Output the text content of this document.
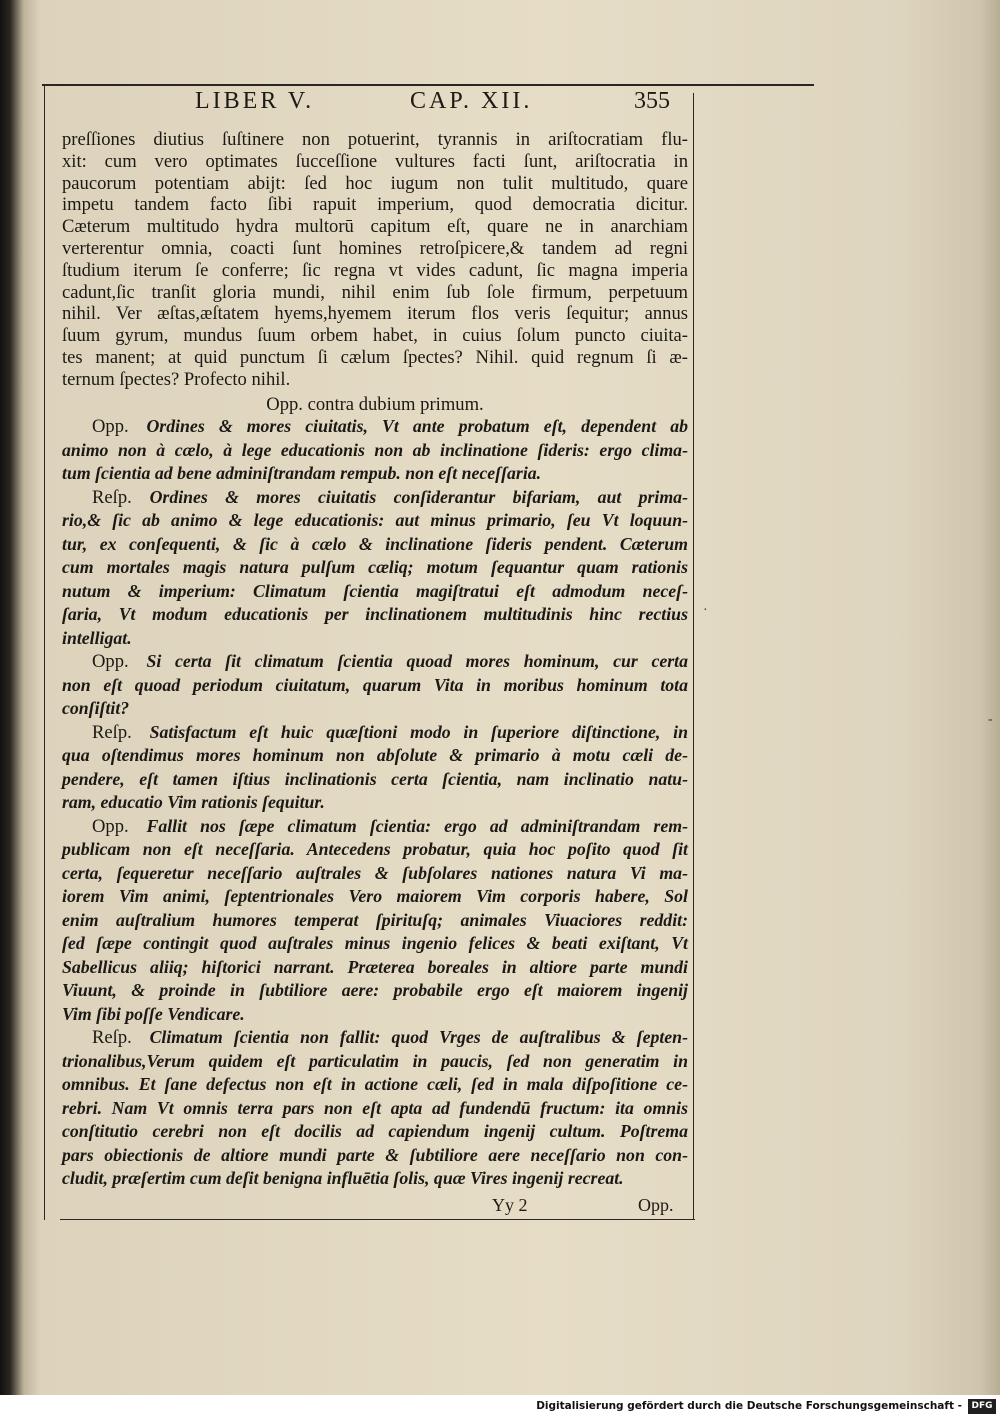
LIBER V.	CAP. XII.	355
preſſiones diutius ſuſtinere non potuerint, tyrannis in ariſtocratiam flu-
xit: cum vero optimates ſucceſſione vultures facti ſunt, ariſtocratia in
paucorum potentiam abijt: ſed hoc iugum non tulit multitudo, quare
impetu tandem facto ſibi rapuit imperium, quod democratia dicitur.
Cæterum multitudo hydra multorū capitum eſt, quare ne in anarchiam
verterentur omnia, coacti ſunt homines retroſpicere,& tandem ad regni
ſtudium iterum ſe conferre; ſic regna vt vides cadunt, ſic magna imperia
cadunt,ſic tranſit gloria mundi, nihil enim ſub ſole firmum, perpetuum
nihil. Ver æſtas,æſtatem hyems,hyemem iterum flos veris ſequitur; annus
ſuum gyrum, mundus ſuum orbem habet, in cuius ſolum puncto ciuita-
tes manent; at quid punctum ſi cælum ſpectes? Nihil. quid regnum ſi æ-
ternum ſpectes? Profecto nihil.
Opp. contra dubium primum.
Opp.  Ordines & mores ciuitatis, Vt ante probatum eſt, dependent ab
animo non à cælo, à lege educationis non ab inclinatione ſideris: ergo clima-
tum ſcientia ad bene adminiſtrandam rempub. non eſt neceſſaria.
Reſp.  Ordines & mores ciuitatis conſiderantur bifariam, aut prima-
rio,& ſic ab animo & lege educationis: aut minus primario, ſeu Vt loquun-
tur, ex conſequenti, & ſic à cælo & inclinatione ſideris pendent. Cæterum
cum mortales magis natura pulſum cæliq; motum ſequantur quam rationis
nutum & imperium: Climatum ſcientia magiſtratui eſt admodum neceſ-
ſaria, Vt modum educationis per inclinationem multitudinis hinc rectius
intelligat.
Opp.  Si certa ſit climatum ſcientia quoad mores hominum, cur certa
non eſt quoad periodum ciuitatum, quarum Vita in moribus hominum tota
conſiſtit?
Reſp.  Satisfactum eſt huic quæſtioni modo in ſuperiore diſtinctione, in
qua oſtendimus mores hominum non abſolute & primario à motu cæli de-
pendere, eſt tamen iſtius inclinationis certa ſcientia, nam inclinatio natu-
ram, educatio Vim rationis ſequitur.
Opp.  Fallit nos ſæpe climatum ſcientia: ergo ad adminiſtrandam rem-
publicam non eſt neceſſaria. Antecedens probatur, quia hoc poſito quod ſit
certa, ſequeretur neceſſario auſtrales & ſubſolares nationes natura Vi ma-
iorem Vim animi, ſeptentrionales Vero maiorem Vim corporis habere, Sol
enim auſtralium humores temperat ſpirituſq; animales Viuaciores reddit:
ſed ſæpe contingit quod auſtrales minus ingenio felices & beati exiſtant, Vt
Sabellicus aliiq; hiſtorici narrant. Præterea boreales in altiore parte mundi
Viuunt, & proinde in ſubtiliore aere: probabile ergo eſt maiorem ingenij
Vim ſibi poſſe Vendicare.
Reſp.  Climatum ſcientia non fallit: quod Vrges de auſtralibus & ſepten-
trionalibus,Verum quidem eſt particulatim in paucis, ſed non generatim in
omnibus. Et ſane defectus non eſt in actione cæli, ſed in mala diſpoſitione ce-
rebri. Nam Vt omnis terra pars non eſt apta ad fundendū fructum: ita omnis
conſtitutio cerebri non eſt docilis ad capiendum ingenij cultum. Poſtrema
pars obiectionis de altiore mundi parte & ſubtiliore aere neceſſario non con-
cludit, præſertim cum deſit benigna influētia ſolis, quæ Vires ingenij recreat.
Yy 2	Opp.
·
-
Digitalisierung gefördert durch die Deutsche Forschungsgemeinschaft -	DFG
